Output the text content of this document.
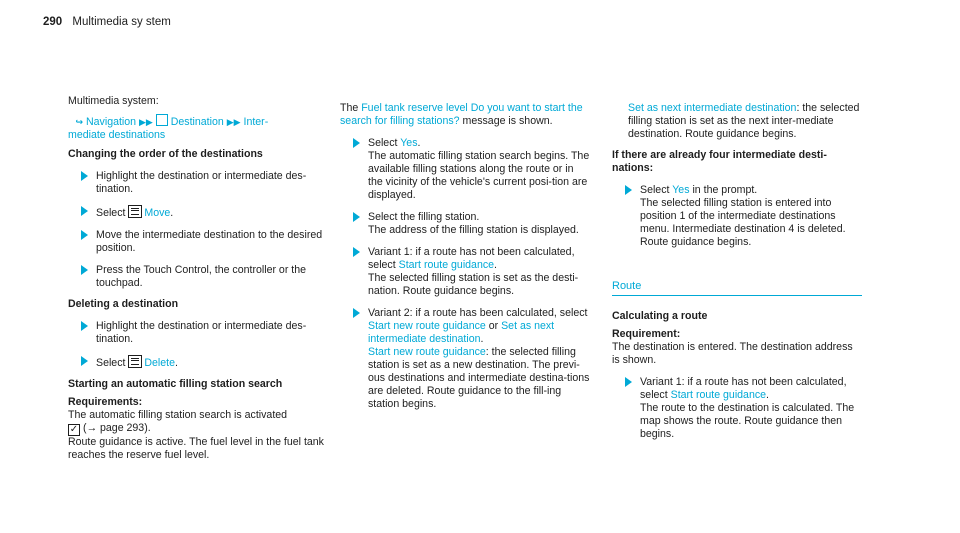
290 Multimedia sy stem

Multimedia system:

↪ Navigation ▶▶ Destination ▶▶ Inter-
mediate destinations

Changing the order of the destinations
Highlight the destination or intermediate des-tination.
Select Move.
Move the intermediate destination to the desired position.
Press the Touch Control, the controller or the touchpad.
Deleting a destination
Highlight the destination or intermediate des-tination.
Select Delete.
Starting an automatic filling station search
Requirements:
The automatic filling station search is activated
✓ (→ page 293).
Route guidance is active. The fuel level in the fuel tank reaches the reserve fuel level.

The Fuel tank reserve level Do you want to start the search for filling stations? message is shown.

Select Yes.
The automatic filling station search begins. The available filling stations along the route or in the vicinity of the vehicle's current posi-tion are displayed.
Select the filling station.
The address of the filling station is displayed.
Variant 1: if a route has not been calculated, select Start route guidance.
The selected filling station is set as the desti-nation. Route guidance begins.
Variant 2: if a route has been calculated, select Start new route guidance or Set as next intermediate destination.
Start new route guidance: the selected filling station is set as a new destination. The previ-ous destinations and intermediate destina-tions are deleted. Route guidance to the fill-ing station begins.
Set as next intermediate destination: the selected filling station is set as the next inter-mediate destination. Route guidance begins.
If there are already four intermediate desti-nations:
Select Yes in the prompt.
The selected filling station is entered into position 1 of the intermediate destinations menu. Intermediate destination 4 is deleted. Route guidance begins.
Route
Calculating a route
Requirement:
The destination is entered. The destination address is shown.
Variant 1: if a route has not been calculated, select Start route guidance.
The route to the destination is calculated. The map shows the route. Route guidance then begins.
